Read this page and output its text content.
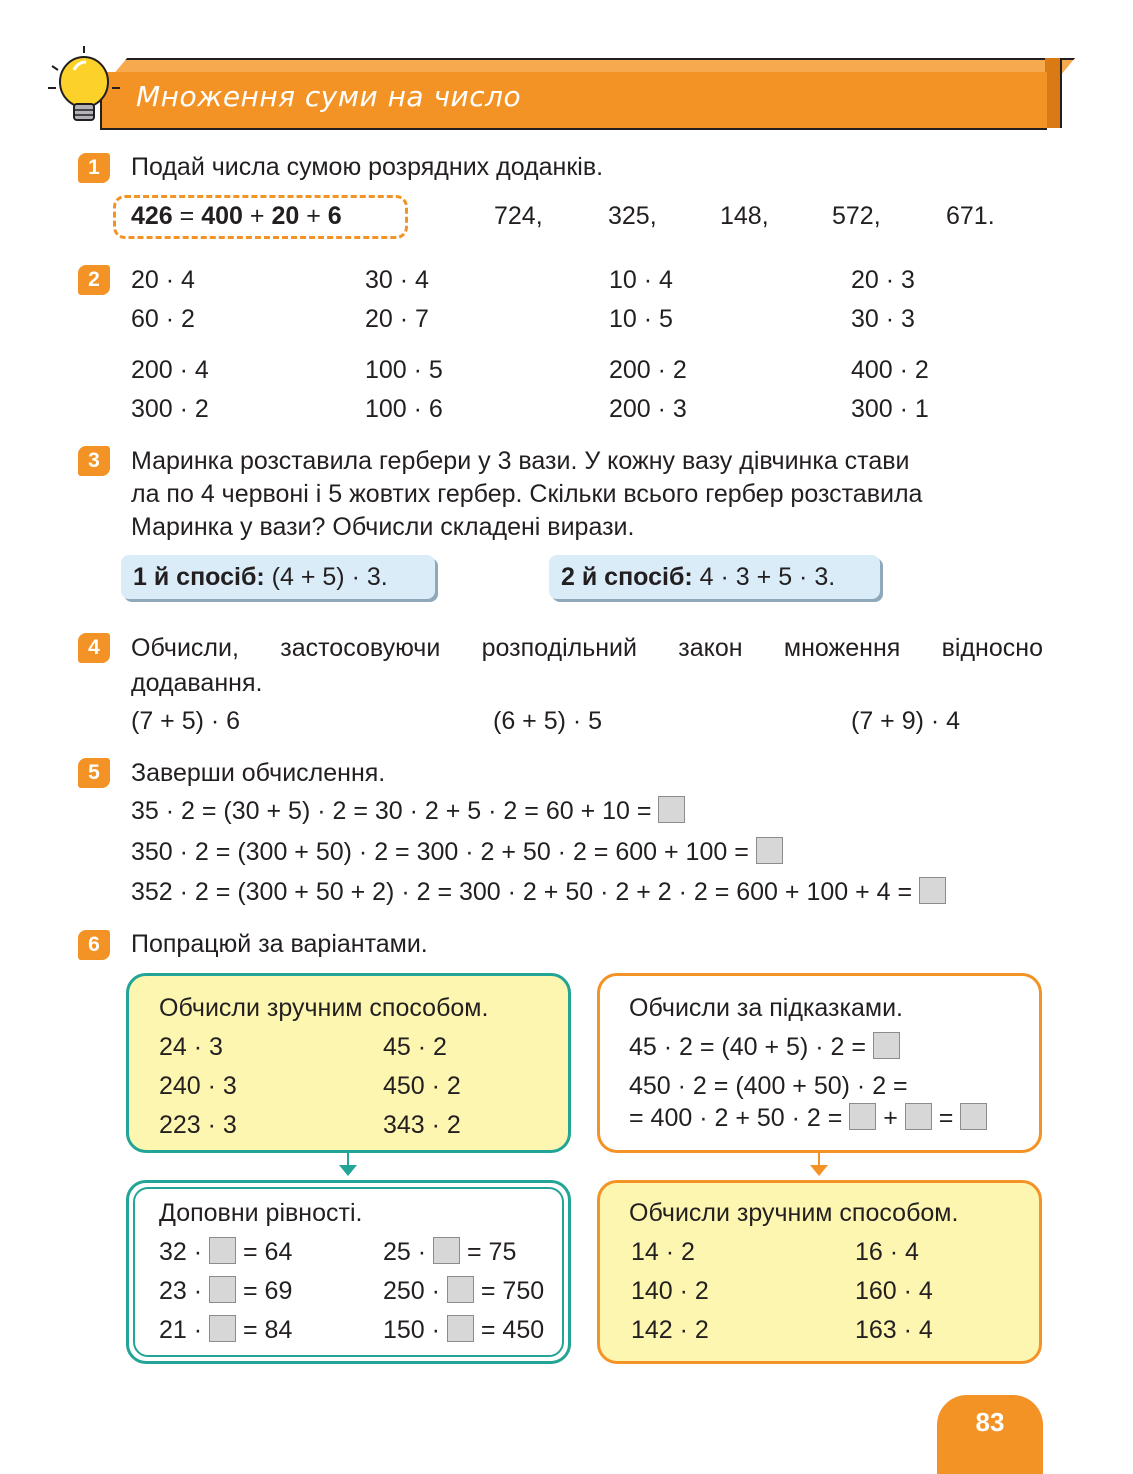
Множення суми на число
1	Подай числа сумою розрядних доданків.
426 = 400 + 20 + 6	724,	325,	148,	572,	671.
2	20 · 4	30 · 4	10 · 4	20 · 3
60 · 2	20 · 7	10 · 5	30 · 3
200 · 4	100 · 5	200 · 2	400 · 2
300 · 2	100 · 6	200 · 3	300 · 1
3	Маринка розставила гербери у 3 вази. У кожну вазу дівчинка стави
ла по 4 червоні і 5 жовтих гербер. Скільки всього гербер розставила
Маринка у вази? Обчисли складені вирази.
1 й спосіб: (4 + 5) · 3.	2 й спосіб: 4 · 3 + 5 · 3.
4	Обчисли, застосовуючи розподільний закон множення відносно
додавання.
(7 + 5) · 6	(6 + 5) · 5	(7 + 9) · 4
5	Заверши обчислення.
35 · 2 = (30 + 5) · 2 = 30 · 2 + 5 · 2 = 60 + 10 =
350 · 2 = (300 + 50) · 2 = 300 · 2 + 50 · 2 = 600 + 100 =
352 · 2 = (300 + 50 + 2) · 2 = 300 · 2 + 50 · 2 + 2 · 2 = 600 + 100 + 4 =
6	Попрацюй за варіантами.
Обчисли зручним способом.
24 · 3	45 · 2
240 · 3	450 · 2
223 · 3	343 · 2
Обчисли за підказками.
45 · 2 = (40 + 5) · 2 =
450 · 2 = (400 + 50) · 2 =
= 400 · 2 + 50 · 2 = + =
Доповни рівності.
32 · = 64	25 · = 75
23 · = 69	250 · = 750
21 · = 84	150 · = 450
Обчисли зручним способом.
14 · 2	16 · 4
140 · 2	160 · 4
142 · 2	163 · 4
83
